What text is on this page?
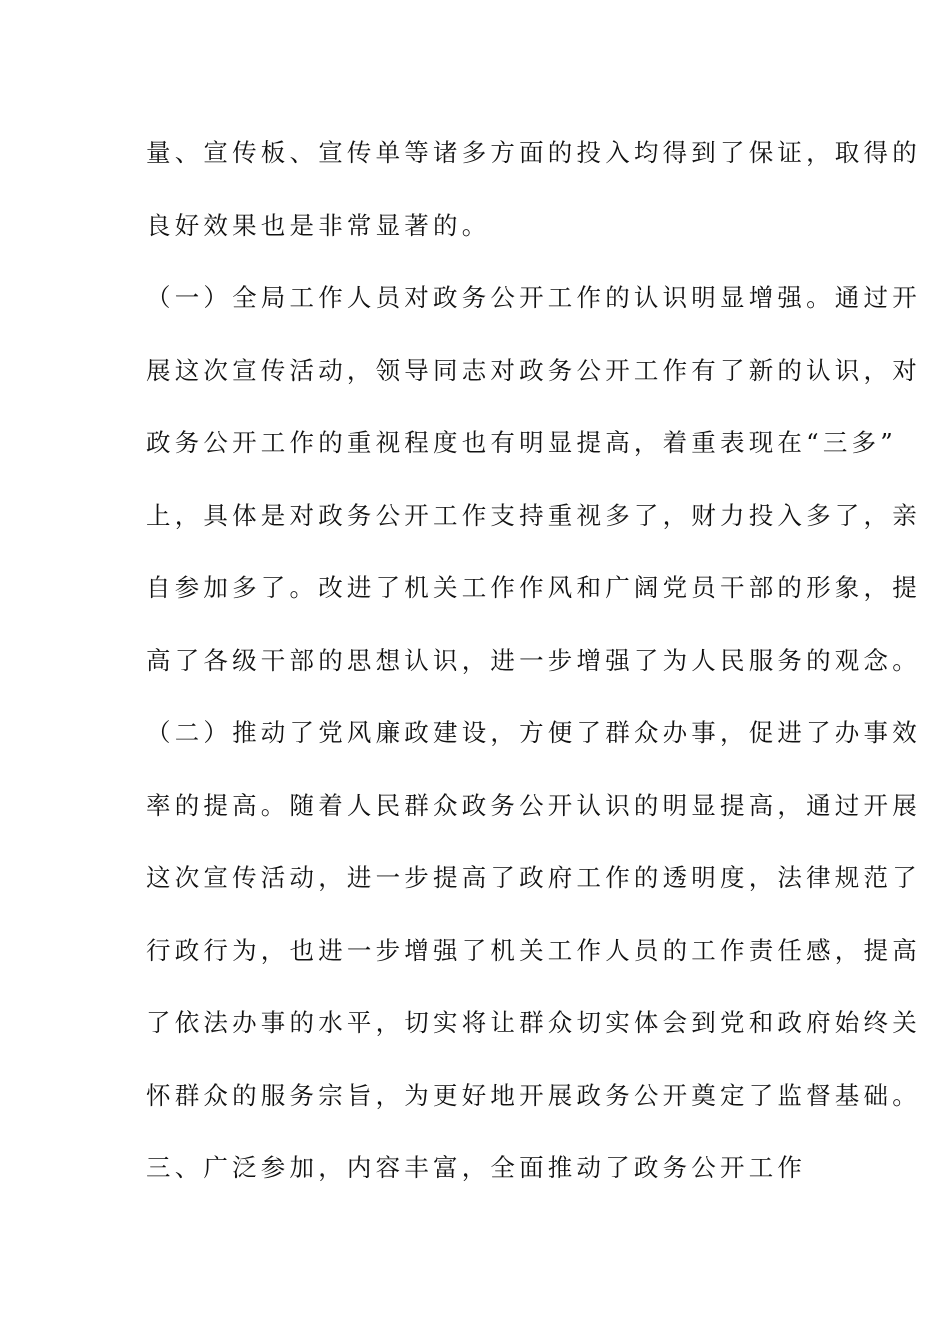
量、宣传板、宣传单等诸多方面的投入均得到了保证，取得的
良好效果也是非常显著的。
（一）全局工作人员对政务公开工作的认识明显增强。通过开
展这次宣传活动，领导同志对政务公开工作有了新的认识，对
政务公开工作的重视程度也有明显提高，着重表现在“三多”
上，具体是对政务公开工作支持重视多了，财力投入多了，亲
自参加多了。改进了机关工作作风和广阔党员干部的形象，提
高了各级干部的思想认识，进一步增强了为人民服务的观念。
（二）推动了党风廉政建设，方便了群众办事，促进了办事效
率的提高。随着人民群众政务公开认识的明显提高，通过开展
这次宣传活动，进一步提高了政府工作的透明度，法律规范了
行政行为，也进一步增强了机关工作人员的工作责任感，提高
了依法办事的水平，切实将让群众切实体会到党和政府始终关
怀群众的服务宗旨，为更好地开展政务公开奠定了监督基础。
三、广泛参加，内容丰富，全面推动了政务公开工作
